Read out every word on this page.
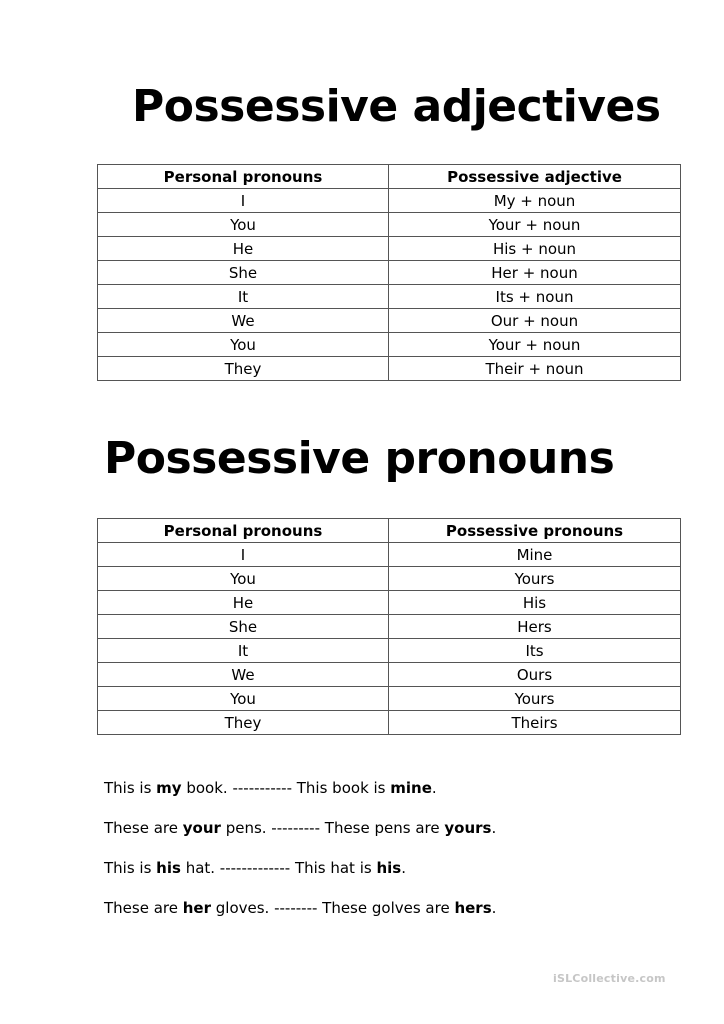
Possessive adjectives
Personal pronouns	Possessive adjective
I	My + noun
You	Your + noun
He	His + noun
She	Her + noun
It	Its + noun
We	Our + noun
You	Your + noun
They	Their + noun
Possessive pronouns
Personal pronouns	Possessive pronouns
I	Mine
You	Yours
He	His
She	Hers
It	Its
We	Ours
You	Yours
They	Theirs
This is my book. ----------- This book is mine.
These are your pens. --------- These pens are yours.
This is his hat. ------------- This hat is his.
These are her gloves. -------- These golves are hers.
iSLCollective.com
